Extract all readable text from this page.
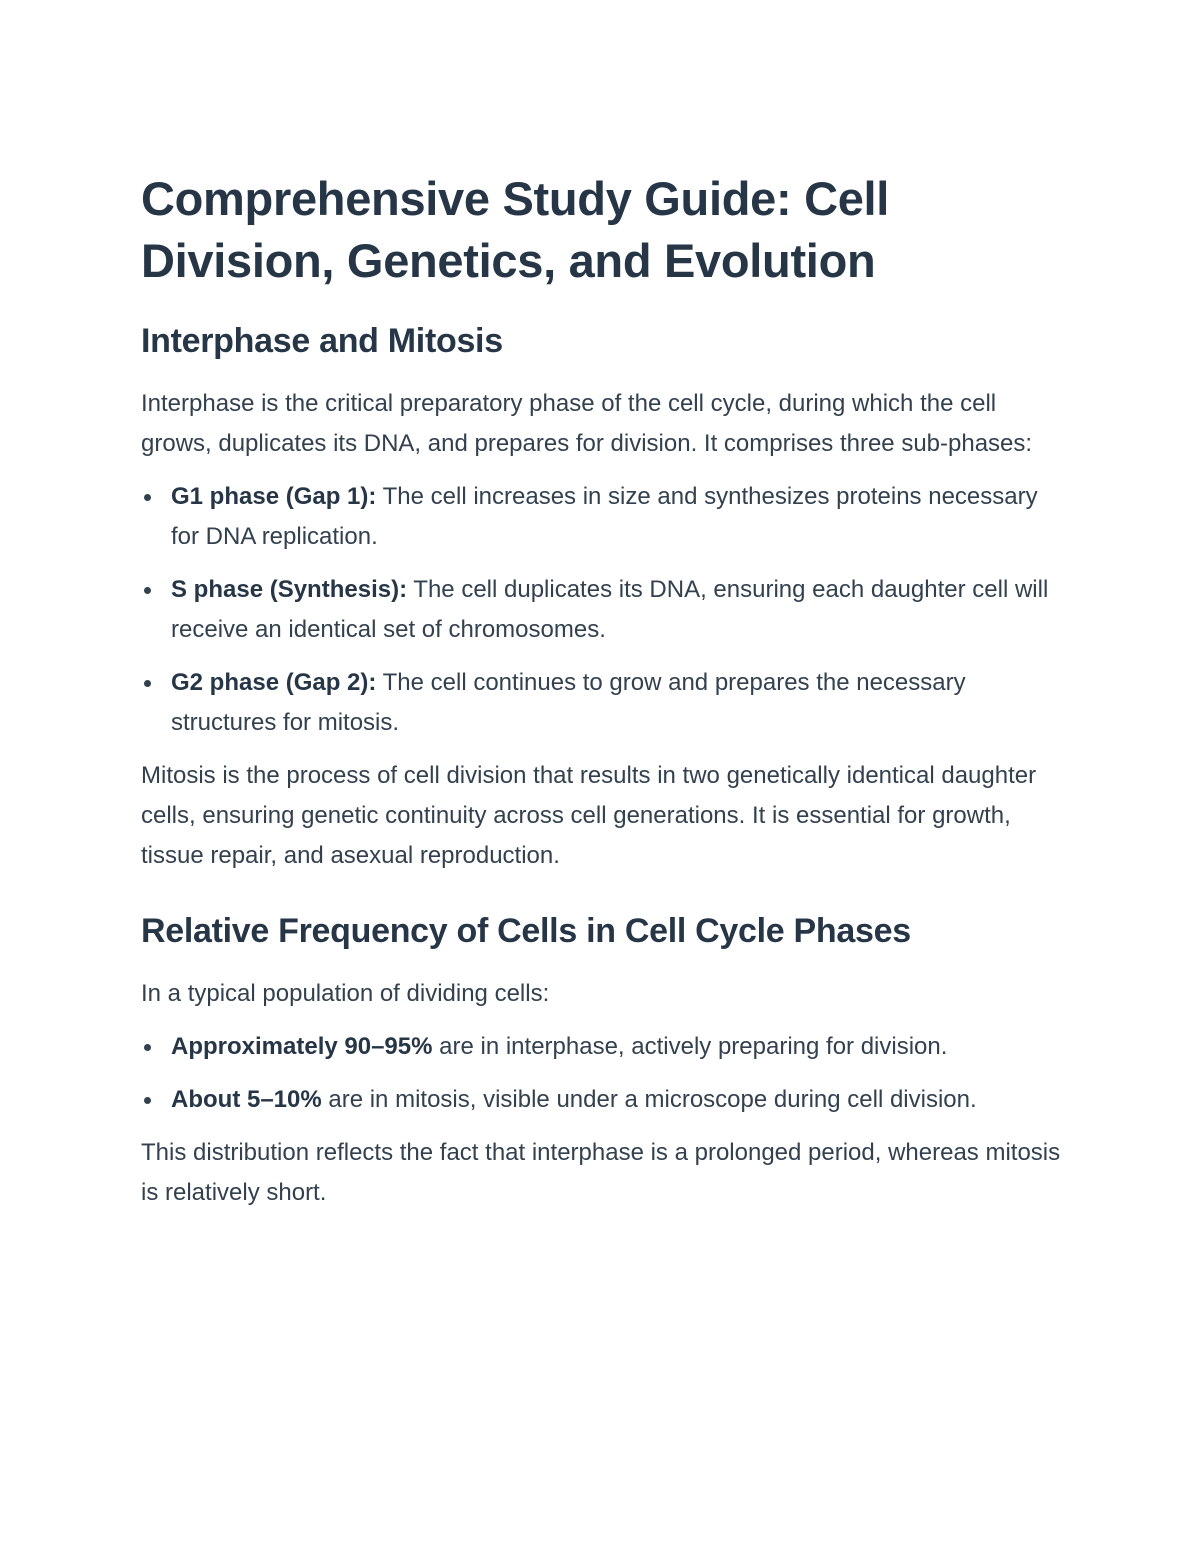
Comprehensive Study Guide: Cell Division, Genetics, and Evolution
Interphase and Mitosis

Interphase is the critical preparatory phase of the cell cycle, during which the cell grows, duplicates its DNA, and prepares for division. It comprises three sub-phases:

G1 phase (Gap 1): The cell increases in size and synthesizes proteins necessary for DNA replication.
S phase (Synthesis): The cell duplicates its DNA, ensuring each daughter cell will receive an identical set of chromosomes.
G2 phase (Gap 2): The cell continues to grow and prepares the necessary structures for mitosis.

Mitosis is the process of cell division that results in two genetically identical daughter cells, ensuring genetic continuity across cell generations. It is essential for growth, tissue repair, and asexual reproduction.

Relative Frequency of Cells in Cell Cycle Phases

In a typical population of dividing cells:

Approximately 90–95% are in interphase, actively preparing for division.
About 5–10% are in mitosis, visible under a microscope during cell division.

This distribution reflects the fact that interphase is a prolonged period, whereas mitosis is relatively short.
